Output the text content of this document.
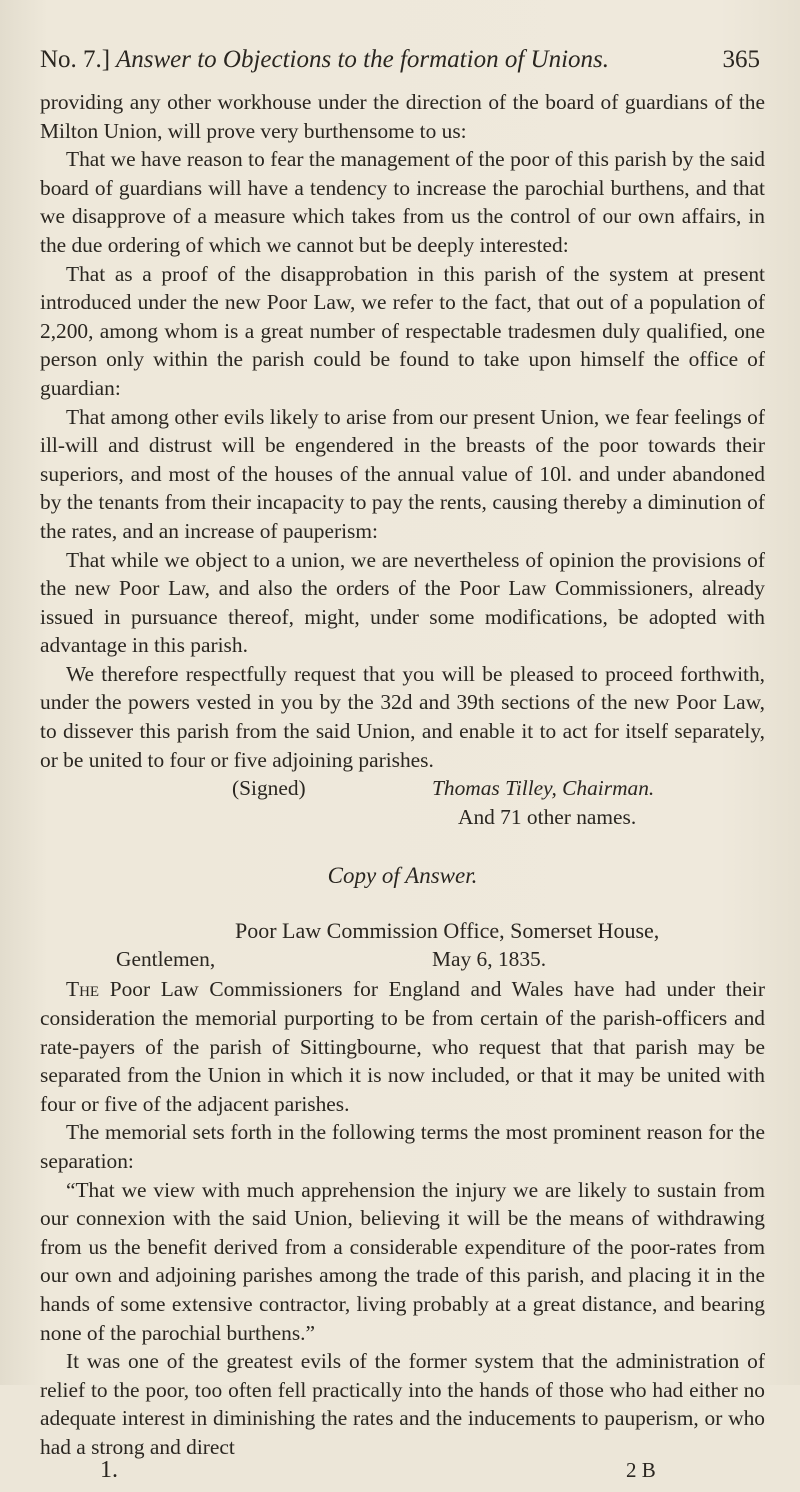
No. 7.] Answer to Objections to the formation of Unions.	365

providing any other workhouse under the direction of the board of guardians of the Milton Union, will prove very burthensome to us:

That we have reason to fear the management of the poor of this parish by the said board of guardians will have a tendency to increase the parochial burthens, and that we disapprove of a measure which takes from us the control of our own affairs, in the due ordering of which we cannot but be deeply interested:

That as a proof of the disapprobation in this parish of the system at present introduced under the new Poor Law, we refer to the fact, that out of a population of 2,200, among whom is a great number of respectable tradesmen duly qualified, one person only within the parish could be found to take upon himself the office of guardian:

That among other evils likely to arise from our present Union, we fear feelings of ill-will and distrust will be engendered in the breasts of the poor towards their superiors, and most of the houses of the annual value of 10l. and under abandoned by the tenants from their incapacity to pay the rents, causing thereby a diminution of the rates, and an increase of pauperism:

That while we object to a union, we are nevertheless of opinion the provisions of the new Poor Law, and also the orders of the Poor Law Commissioners, already issued in pursuance thereof, might, under some modifications, be adopted with advantage in this parish.

We therefore respectfully request that you will be pleased to proceed forthwith, under the powers vested in you by the 32d and 39th sections of the new Poor Law, to dissever this parish from the said Union, and enable it to act for itself separately, or be united to four or five adjoining parishes.

(Signed)	Thomas Tilley, Chairman.
And 71 other names.
Copy of Answer.
Poor Law Commission Office, Somerset House,
Gentlemen,	May 6, 1835.

The Poor Law Commissioners for England and Wales have had under their consideration the memorial purporting to be from certain of the parish-officers and rate-payers of the parish of Sittingbourne, who request that that parish may be separated from the Union in which it is now included, or that it may be united with four or five of the adjacent parishes.

The memorial sets forth in the following terms the most prominent reason for the separation:

“That we view with much apprehension the injury we are likely to sustain from our connexion with the said Union, believing it will be the means of withdrawing from us the benefit derived from a considerable expenditure of the poor-rates from our own and adjoining parishes among the trade of this parish, and placing it in the hands of some extensive contractor, living probably at a great distance, and bearing none of the parochial burthens.”

It was one of the greatest evils of the former system that the administration of relief to the poor, too often fell practically into the hands of those who had either no adequate interest in diminishing the rates and the inducements to pauperism, or who had a strong and direct

1.	2 B
